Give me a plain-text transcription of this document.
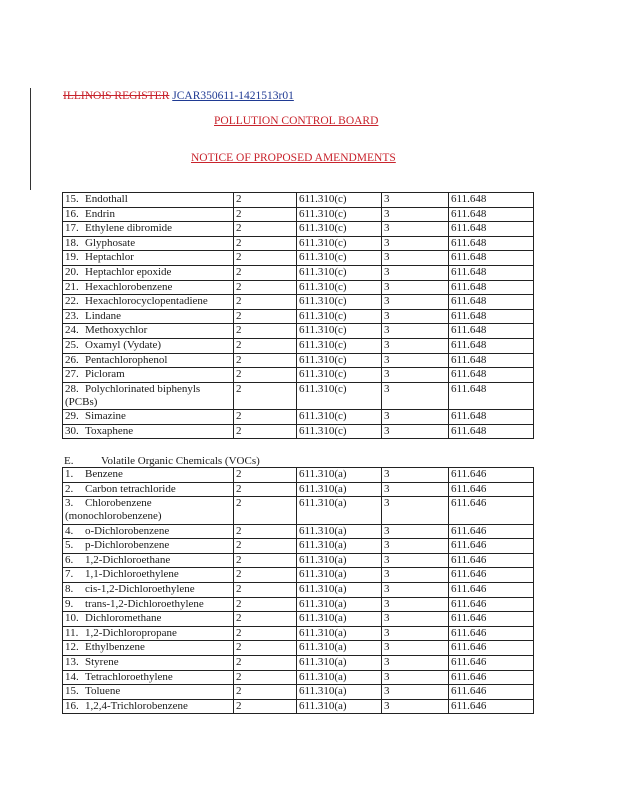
ILLINOIS REGISTER JCAR350611-1421513r01
POLLUTION CONTROL BOARD
NOTICE OF PROPOSED AMENDMENTS
15. Endothall	2	611.310(c)	3	611.648
16. Endrin	2	611.310(c)	3	611.648
17. Ethylene dibromide	2	611.310(c)	3	611.648
18. Glyphosate	2	611.310(c)	3	611.648
19. Heptachlor	2	611.310(c)	3	611.648
20. Heptachlor epoxide	2	611.310(c)	3	611.648
21. Hexachlorobenzene	2	611.310(c)	3	611.648
22. Hexachlorocyclopentadiene	2	611.310(c)	3	611.648
23. Lindane	2	611.310(c)	3	611.648
24. Methoxychlor	2	611.310(c)	3	611.648
25. Oxamyl (Vydate)	2	611.310(c)	3	611.648
26. Pentachlorophenol	2	611.310(c)	3	611.648
27. Picloram	2	611.310(c)	3	611.648
28. Polychlorinated biphenyls (PCBs)	2	611.310(c)	3	611.648
29. Simazine	2	611.310(c)	3	611.648
30. Toxaphene	2	611.310(c)	3	611.648
E.	Volatile Organic Chemicals (VOCs)
1. Benzene	2	611.310(a)	3	611.646
2. Carbon tetrachloride	2	611.310(a)	3	611.646
3. Chlorobenzene (monochlorobenzene)	2	611.310(a)	3	611.646
4. o-Dichlorobenzene	2	611.310(a)	3	611.646
5. p-Dichlorobenzene	2	611.310(a)	3	611.646
6. 1,2-Dichloroethane	2	611.310(a)	3	611.646
7. 1,1-Dichloroethylene	2	611.310(a)	3	611.646
8. cis-1,2-Dichloroethylene	2	611.310(a)	3	611.646
9. trans-1,2-Dichloroethylene	2	611.310(a)	3	611.646
10. Dichloromethane	2	611.310(a)	3	611.646
11. 1,2-Dichloropropane	2	611.310(a)	3	611.646
12. Ethylbenzene	2	611.310(a)	3	611.646
13. Styrene	2	611.310(a)	3	611.646
14. Tetrachloroethylene	2	611.310(a)	3	611.646
15. Toluene	2	611.310(a)	3	611.646
16. 1,2,4-Trichlorobenzene	2	611.310(a)	3	611.646
